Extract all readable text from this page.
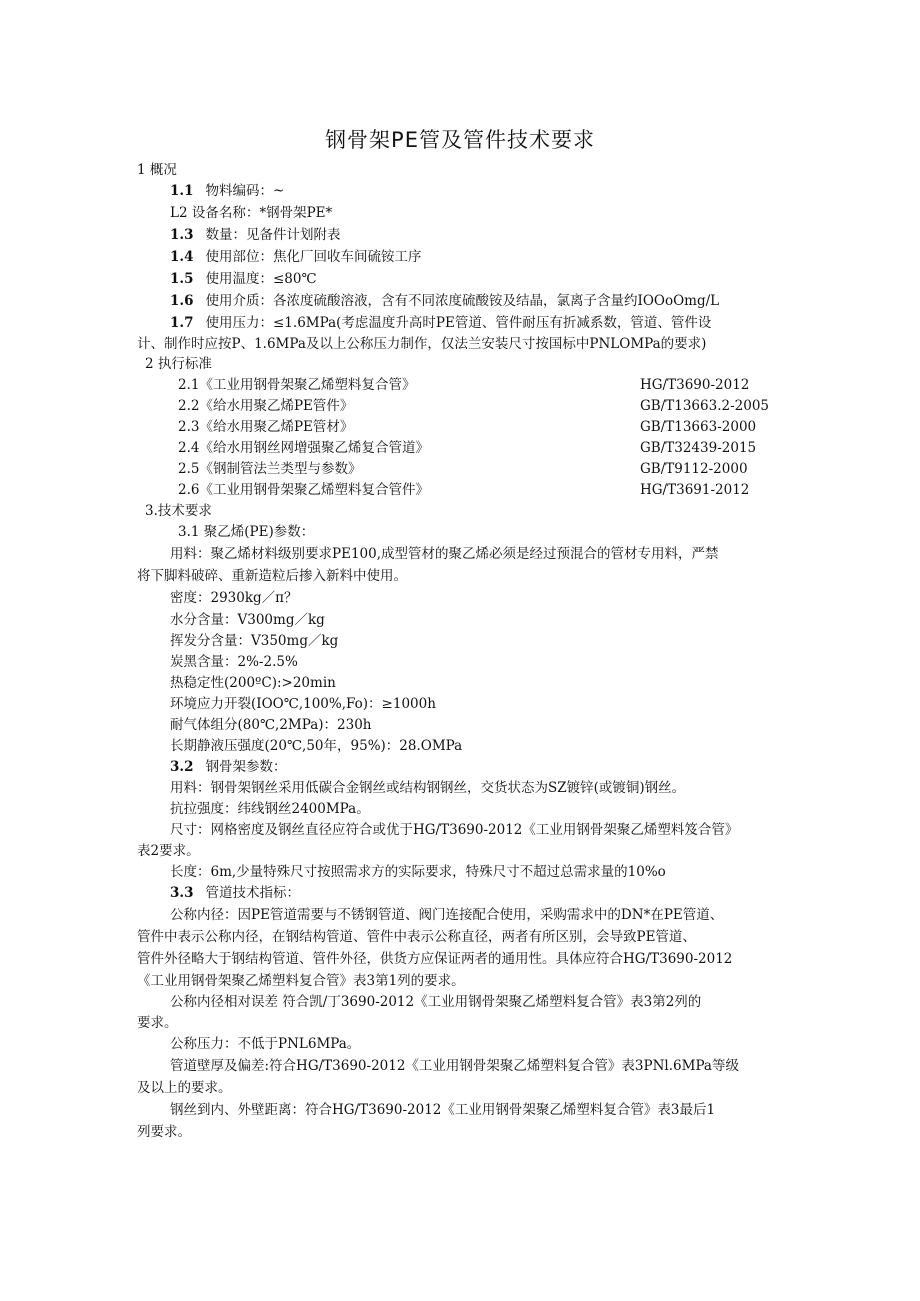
钢骨架PE管及管件技术要求
1 概况
1.1 物料编码：~
L2 设备名称：*钢骨架PE*
1.3 数量：见备件计划附表
1.4 使用部位：焦化厂回收车间硫铵工序
1.5 使用温度：≤80℃
1.6 使用介质：各浓度硫酸溶液，含有不同浓度硫酸铵及结晶，氯离子含量约IOOoOmg/L
1.7 使用压力：≤1.6MPa(考虑温度升高时PE管道、管件耐压有折减系数，管道、管件设
计、制作时应按P、1.6MPa及以上公称压力制作，仅法兰安装尺寸按国标中PNLOMPa的要求)
2 执行标准
2.1《工业用钢骨架聚乙烯塑料复合管》	HG/T3690-2012
2.2《给水用聚乙烯PE管件》	GB/T13663.2-2005
2.3《给水用聚乙烯PE管材》	GB/T13663-2000
2.4《给水用钢丝网增强聚乙烯复合管道》	GB/T32439-2015
2.5《钢制管法兰类型与参数》	GB/T9112-2000
2.6《工业用钢骨架聚乙烯塑料复合管件》	HG/T3691-2012
3.技术要求
3.1 聚乙烯(PE)参数：
用料：聚乙烯材料级别要求PE100,成型管材的聚乙烯必须是经过预混合的管材专用料，严禁
将下脚料破碎、重新造粒后掺入新料中使用。
密度：2930kg／π？
水分含量：V300mg／kg
挥发分含量：V350mg／kg
炭黑含量：2%-2.5%
热稳定性(200ºC):>20min
环境应力开裂(IOO℃,100%,Fo)：≥1000h
耐气体组分(80℃,2MPa)：230h
长期静液压强度(20℃,50年，95%)：28.OMPa
3.2 钢骨架参数：
用料：钢骨架钢丝采用低碳合金钢丝或结构钢钢丝，交货状态为SZ镀锌(或镀铜)钢丝。
抗拉强度：纬线钢丝2400MPa。
尺寸：网格密度及钢丝直径应符合或优于HG/T3690-2012《工业用钢骨架聚乙烯塑料笈合管》
表2要求。
长度：6m,少量特殊尺寸按照需求方的实际要求，特殊尺寸不超过总需求量的10%o
3.3 管道技术指标：
公称内径：因PE管道需要与不锈钢管道、阀门连接配合使用，采购需求中的DN*在PE管道、
管件中表示公称内径，在钢结构管道、管件中表示公称直径，两者有所区别，会导致PE管道、
管件外径略大于钢结构管道、管件外径，供货方应保证两者的通用性。具体应符合HG/T3690-2012
《工业用钢骨架聚乙烯塑料复合管》表3第1列的要求。
公称内径相对误差 符合凯/丁3690-2012《工业用钢骨架聚乙烯塑料复合管》表3第2列的
要求。
公称压力：不低于PNL6MPa。
管道壁厚及偏差:符合HG/T3690-2012《工业用钢骨架聚乙烯塑料复合管》表3PNl.6MPa等级
及以上的要求。
钢丝到内、外壁距离：符合HG/T3690-2012《工业用钢骨架聚乙烯塑料复合管》表3最后1
列要求。
